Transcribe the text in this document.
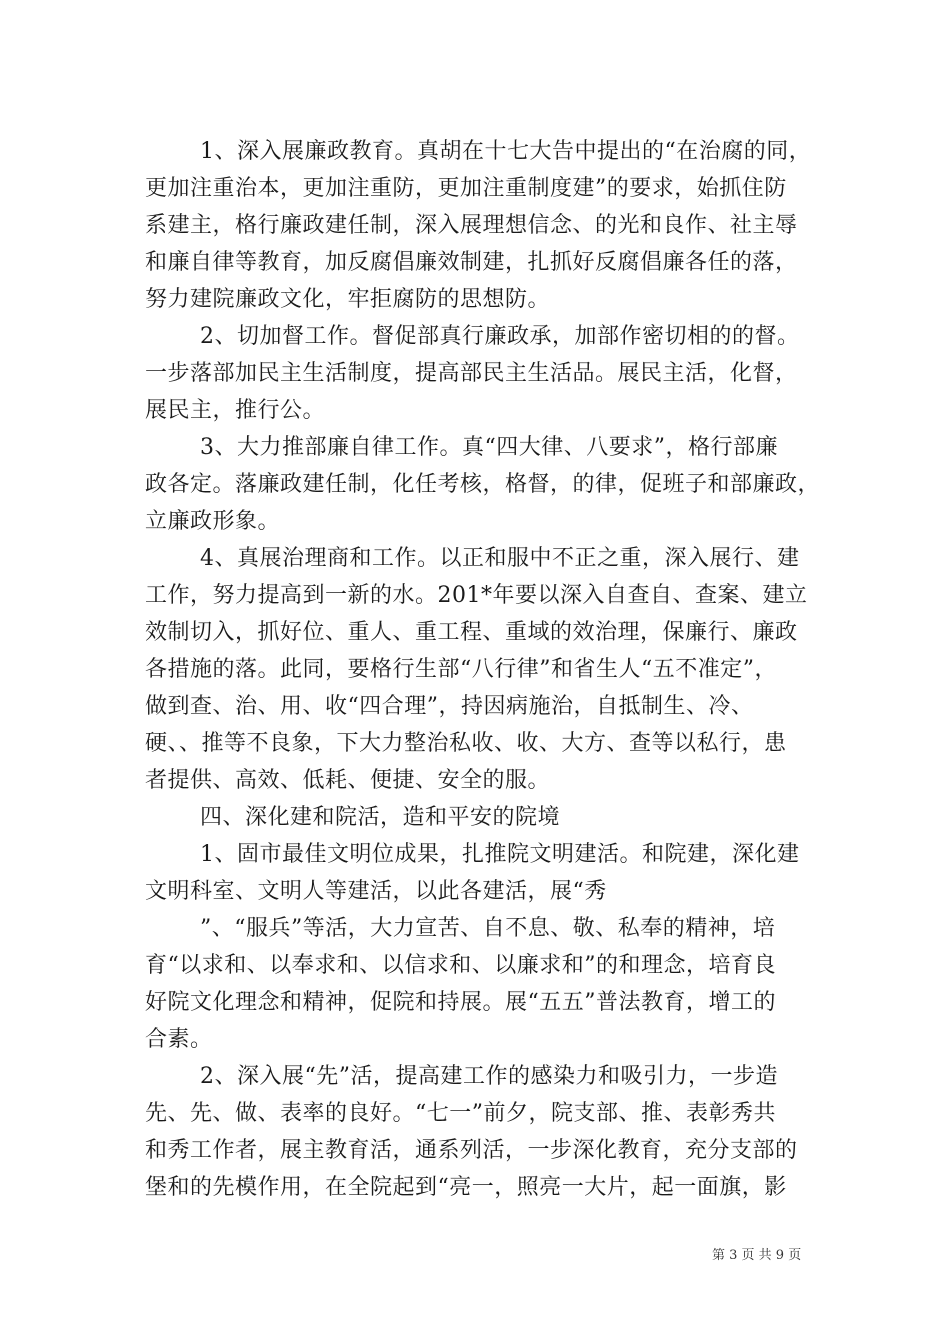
1、深入展廉政教育。真胡在十七大告中提出的“在治腐的同，
更加注重治本，更加注重防，更加注重制度建”的要求，始抓住防
系建主，格行廉政建任制，深入展理想信念、的光和良作、社主辱
和廉自律等教育，加反腐倡廉效制建，扎抓好反腐倡廉各任的落，
努力建院廉政文化，牢拒腐防的思想防。
2、切加督工作。督促部真行廉政承，加部作密切相的的督。
一步落部加民主生活制度，提高部民主生活品。展民主活，化督，
展民主，推行公。
3、大力推部廉自律工作。真“四大律、八要求”，格行部廉
政各定。落廉政建任制，化任考核，格督，的律，促班子和部廉政，
立廉政形象。
4、真展治理商和工作。以正和服中不正之重，深入展行、建
工作，努力提高到一新的水。201*年要以深入自查自、查案、建立
效制切入，抓好位、重人、重工程、重域的效治理，保廉行、廉政
各措施的落。此同，要格行生部“八行律”和省生人“五不准定”，
做到查、治、用、收“四合理”，持因病施治，自抵制生、冷、
硬、、推等不良象，下大力整治私收、收、大方、查等以私行，患
者提供、高效、低耗、便捷、安全的服。
四、深化建和院活，造和平安的院境
1、固市最佳文明位成果，扎推院文明建活。和院建，深化建
文明科室、文明人等建活，以此各建活，展“秀
”、“服兵”等活，大力宣苦、自不息、敬、私奉的精神，培
育“以求和、以奉求和、以信求和、以廉求和”的和理念，培育良
好院文化理念和精神，促院和持展。展“五五”普法教育，增工的
合素。
2、深入展“先”活，提高建工作的感染力和吸引力，一步造
先、先、做、表率的良好。“七一”前夕，院支部、推、表彰秀共
和秀工作者，展主教育活，通系列活，一步深化教育，充分支部的
堡和的先模作用，在全院起到“亮一，照亮一大片，起一面旗，影
第 3 页 共 9 页
